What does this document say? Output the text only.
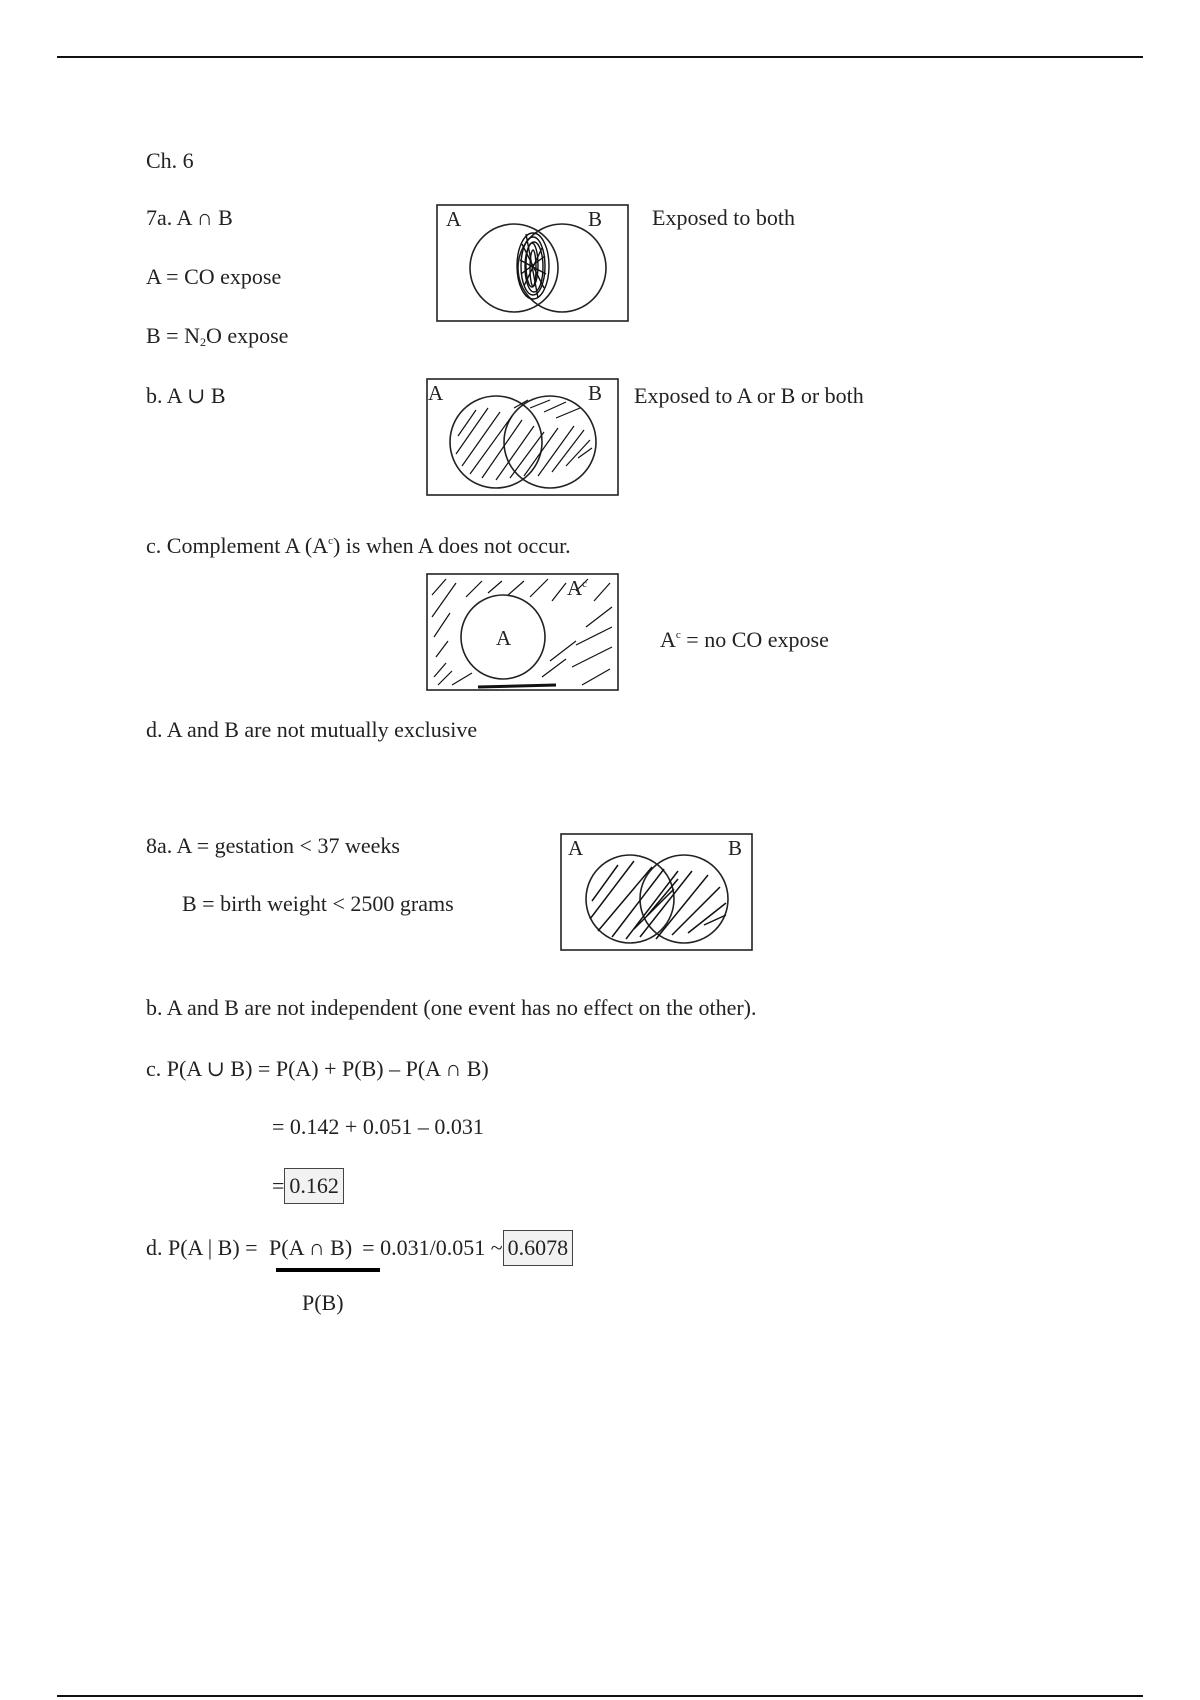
Ch. 6
7a. A ∩ B
A = CO expose
$B = N_2O$ expose
A	B Exposed to both
b. A ∪ B	A	B Exposed to A or B or both
c. Complement A $(A^c)$ is when A does not occur.
A
$A^c$
$A^c$ = no CO expose
d. A and B are not mutually exclusive
8a. A = gestation < 37 weeks
B = birth weight < 2500 grams
A	B
b. A and B are not independent (one event has no effect on the other).
c. P(A ∪ B) = P(A) + P(B) – P(A ∩ B)
= 0.142 + 0.051 – 0.031
= 0.162
d. P(A | B) = P(A ∩ B) = 0.031/0.051 ~ 0.6078
P(B)
